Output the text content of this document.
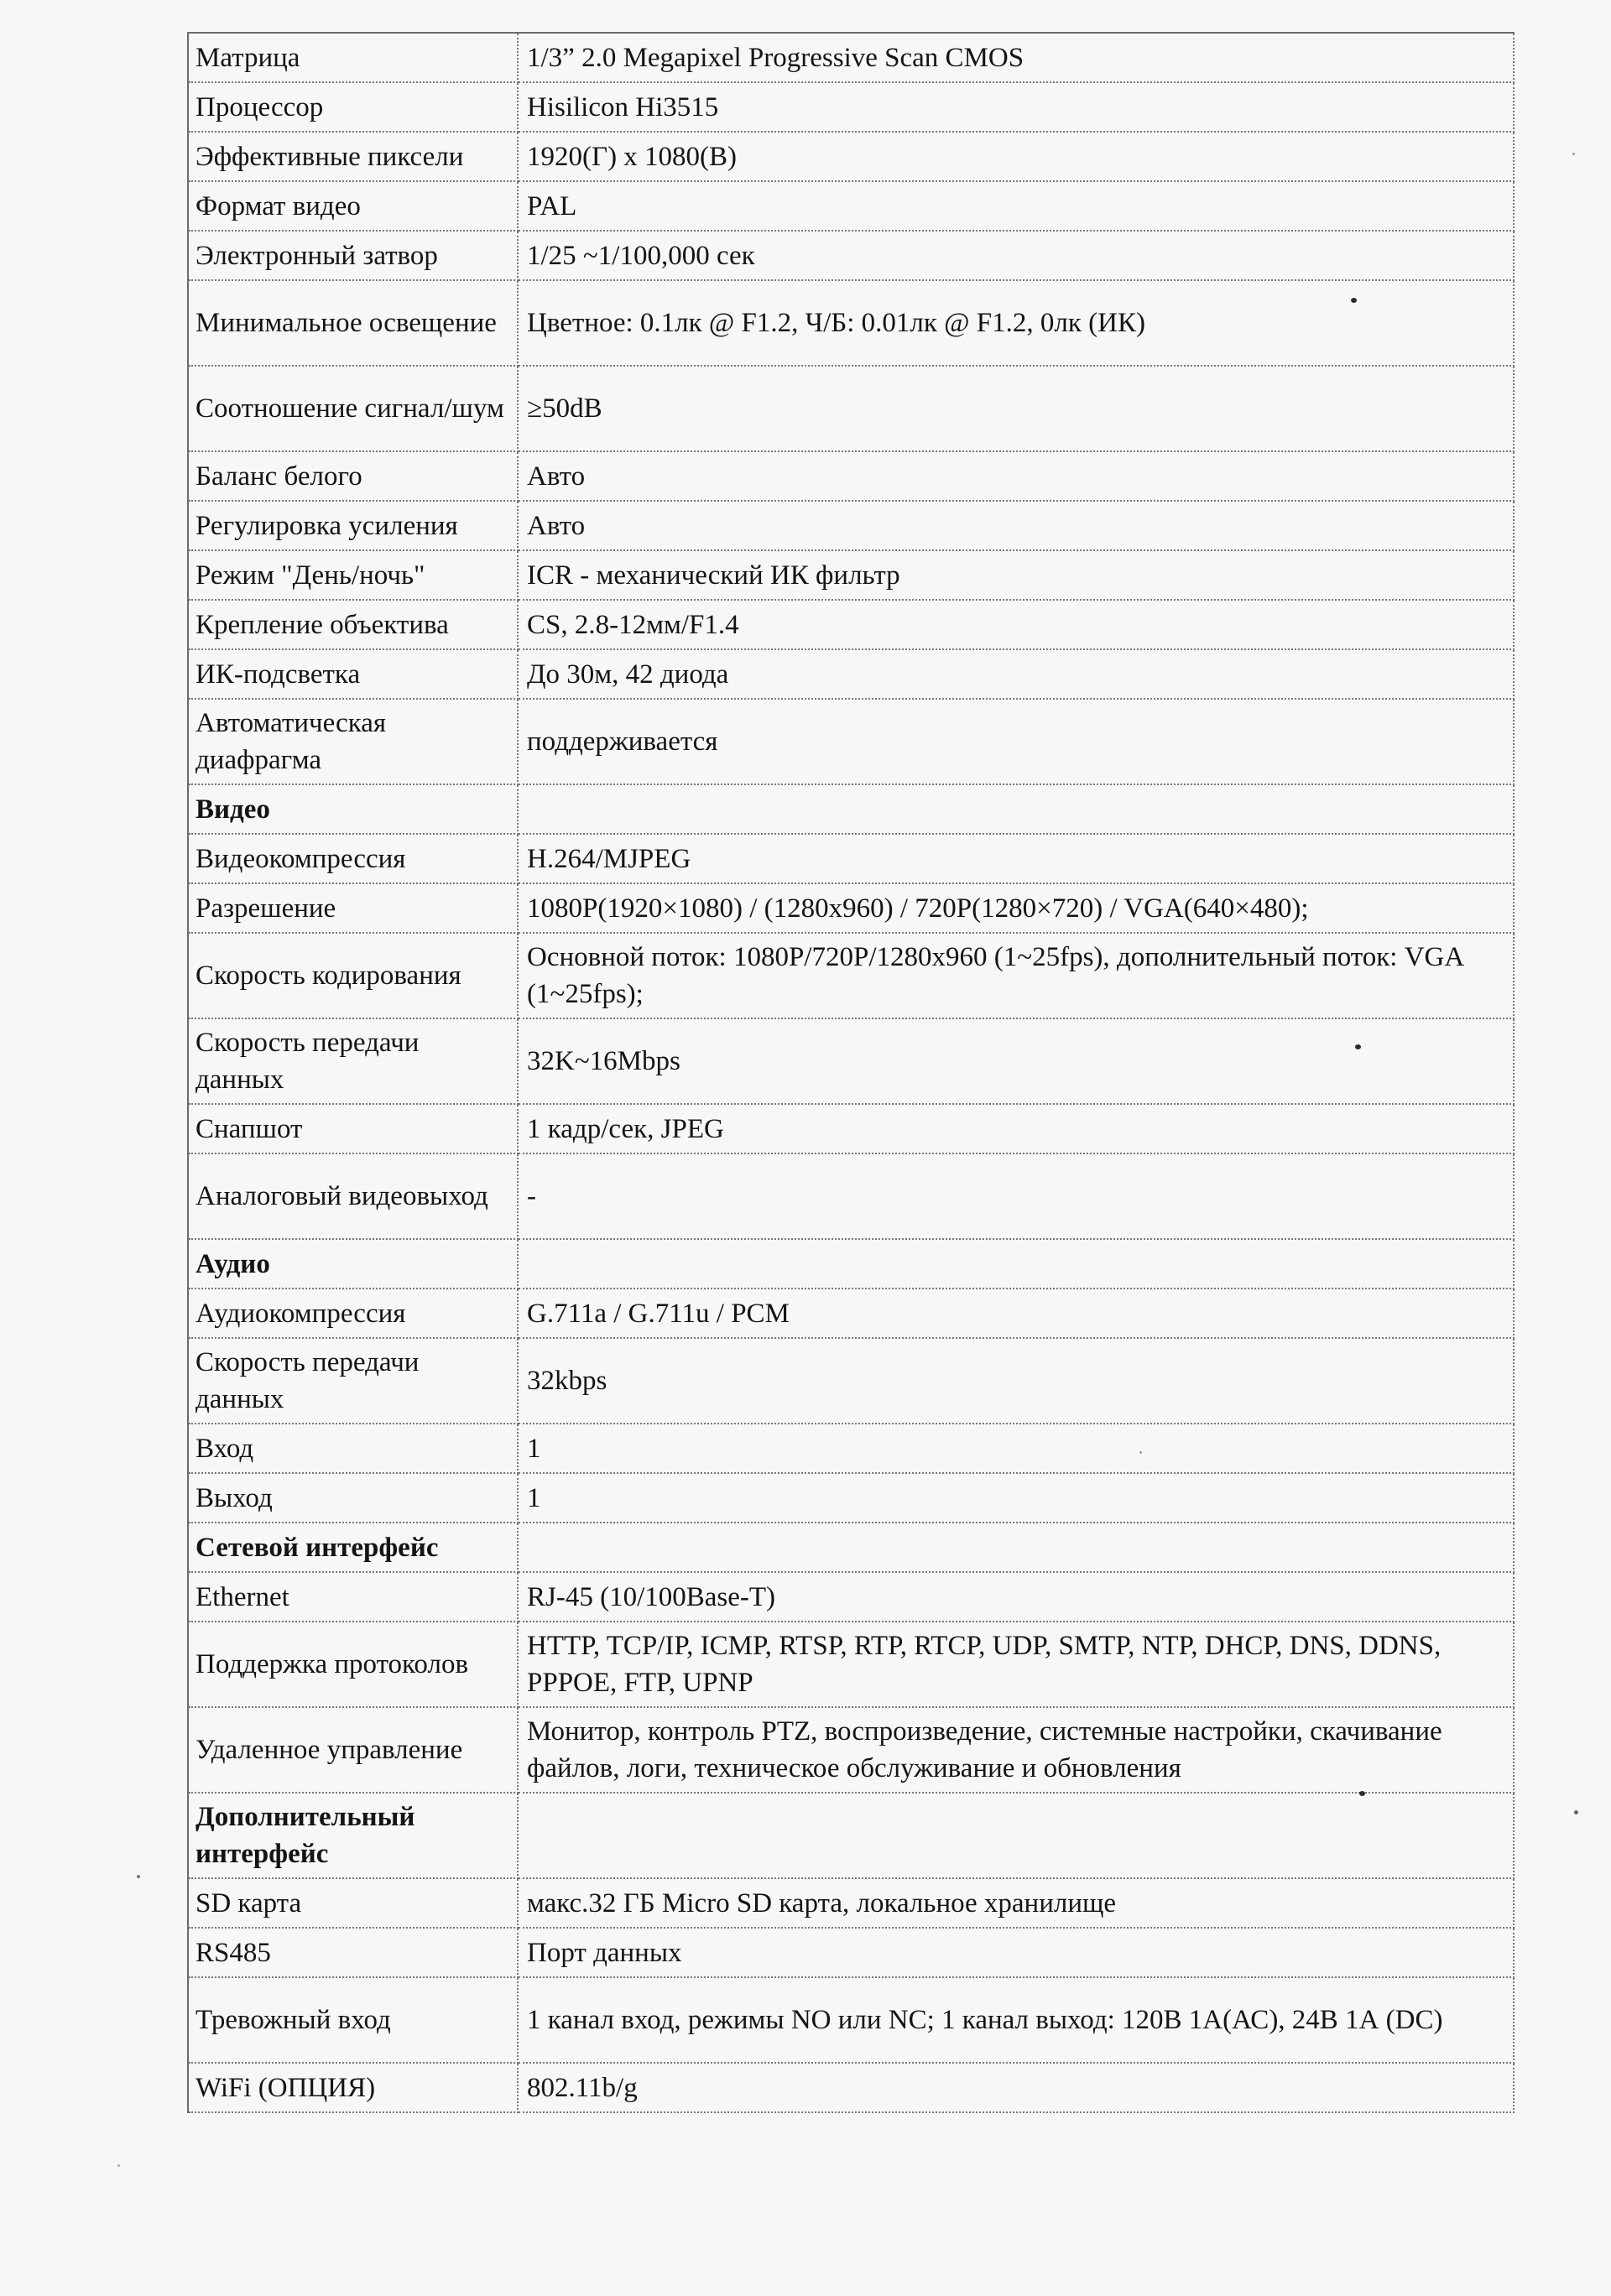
Матрица	1/3” 2.0 Megapixel Progressive Scan CMOS
Процессор	Hisilicon Hi3515
Эффективные пиксели	1920(Г) x 1080(В)
Формат видео	PAL
Электронный затвор	1/25 ~1/100,000 сек
Минимальное освещение	Цветное: 0.1лк @ F1.2, Ч/Б: 0.01лк @ F1.2, 0лк (ИК)
Соотношение сигнал/шум	≥50dB
Баланс белого	Авто
Регулировка усиления	Авто
Режим "День/ночь"	ICR - механический ИК фильтр
Крепление объектива	CS, 2.8-12мм/F1.4
ИК-подсветка	До 30м, 42 диода
Автоматическая диафрагма	поддерживается
Видео	
Видеокомпрессия	H.264/MJPEG
Разрешение	1080P(1920×1080) / (1280x960) / 720P(1280×720) / VGA(640×480);
Скорость кодирования	Основной поток: 1080P/720P/1280x960 (1~25fps), дополнительный поток: VGA (1~25fps);
Скорость передачи данных	32K~16Mbps
Снапшот	1 кадр/сек, JPEG
Аналоговый видеовыход	-
Аудио	
Аудиокомпрессия	G.711a / G.711u / PCM
Скорость передачи данных	32kbps
Вход	1
Выход	1
Сетевой интерфейс	
Ethernet	RJ-45 (10/100Base-T)
Поддержка протоколов	HTTP, TCP/IP, ICMP, RTSP, RTP, RTCP, UDP, SMTP, NTP, DHCP, DNS, DDNS, PPPOE, FTP, UPNP
Удаленное управление	Монитор, контроль PTZ, воспроизведение, системные настройки, скачивание файлов, логи, техническое обслуживание и обновления
Дополнительный интерфейс	
SD карта	макс.32 ГБ Micro SD карта, локальное хранилище
RS485	Порт данных
Тревожный вход	1 канал вход, режимы NO или NC; 1 канал выход: 120В 1А(АС), 24В 1А (DC)
WiFi (ОПЦИЯ)	802.11b/g
